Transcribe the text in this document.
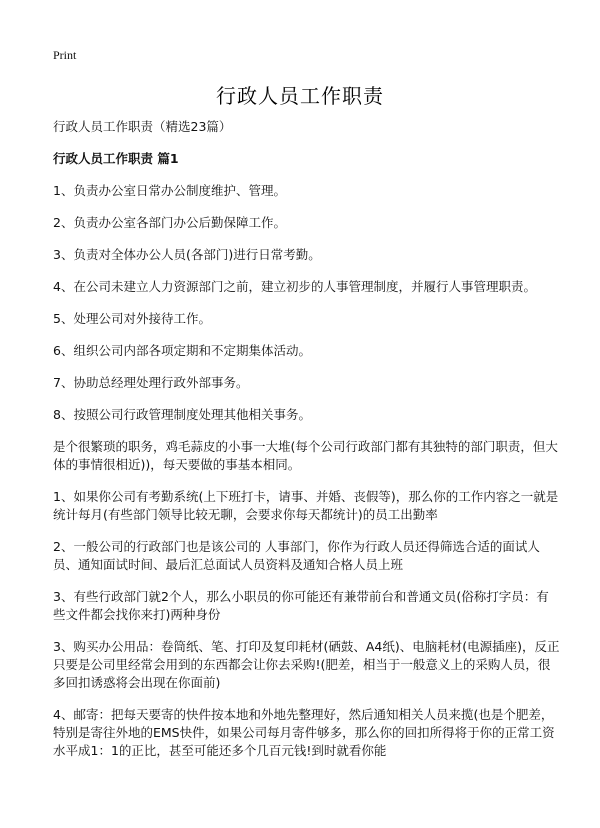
Print
行政人员工作职责

行政人员工作职责（精选23篇）

行政人员工作职责 篇1

1、负责办公室日常办公制度维护、管理。

2、负责办公室各部门办公后勤保障工作。

3、负责对全体办公人员(各部门)进行日常考勤。

4、在公司未建立人力资源部门之前，建立初步的人事管理制度，并履行人事管理职责。

5、处理公司对外接待工作。

6、组织公司内部各项定期和不定期集体活动。

7、协助总经理处理行政外部事务。

8、按照公司行政管理制度处理其他相关事务。

是个很繁琐的职务，鸡毛蒜皮的小事一大堆(每个公司行政部门都有其独特的部门职责，但大体的事情很相近))，每天要做的事基本相同。

1、如果你公司有考勤系统(上下班打卡，请事、并婚、丧假等)，那么你的工作内容之一就是统计每月(有些部门领导比较无聊，会要求你每天都统计)的员工出勤率

2、一般公司的行政部门也是该公司的 人事部门，你作为行政人员还得筛选合适的面试人员、通知面试时间、最后汇总面试人员资料及通知合格人员上班

3、有些行政部门就2个人，那么小职员的你可能还有兼带前台和普通文员(俗称打字员：有些文件都会找你来打)两种身份

3、购买办公用品：卷筒纸、笔、打印及复印耗材(硒鼓、A4纸)、电脑耗材(电源插座)，反正只要是公司里经常会用到的东西都会让你去采购!(肥差，相当于一般意义上的采购人员，很多回扣诱惑将会出现在你面前)

4、邮寄：把每天要寄的快件按本地和外地先整理好，然后通知相关人员来揽(也是个肥差，特别是寄往外地的EMS快件，如果公司每月寄件够多，那么你的回扣所得将于你的正常工资水平成1：1的正比，甚至可能还多个几百元钱!到时就看你能
